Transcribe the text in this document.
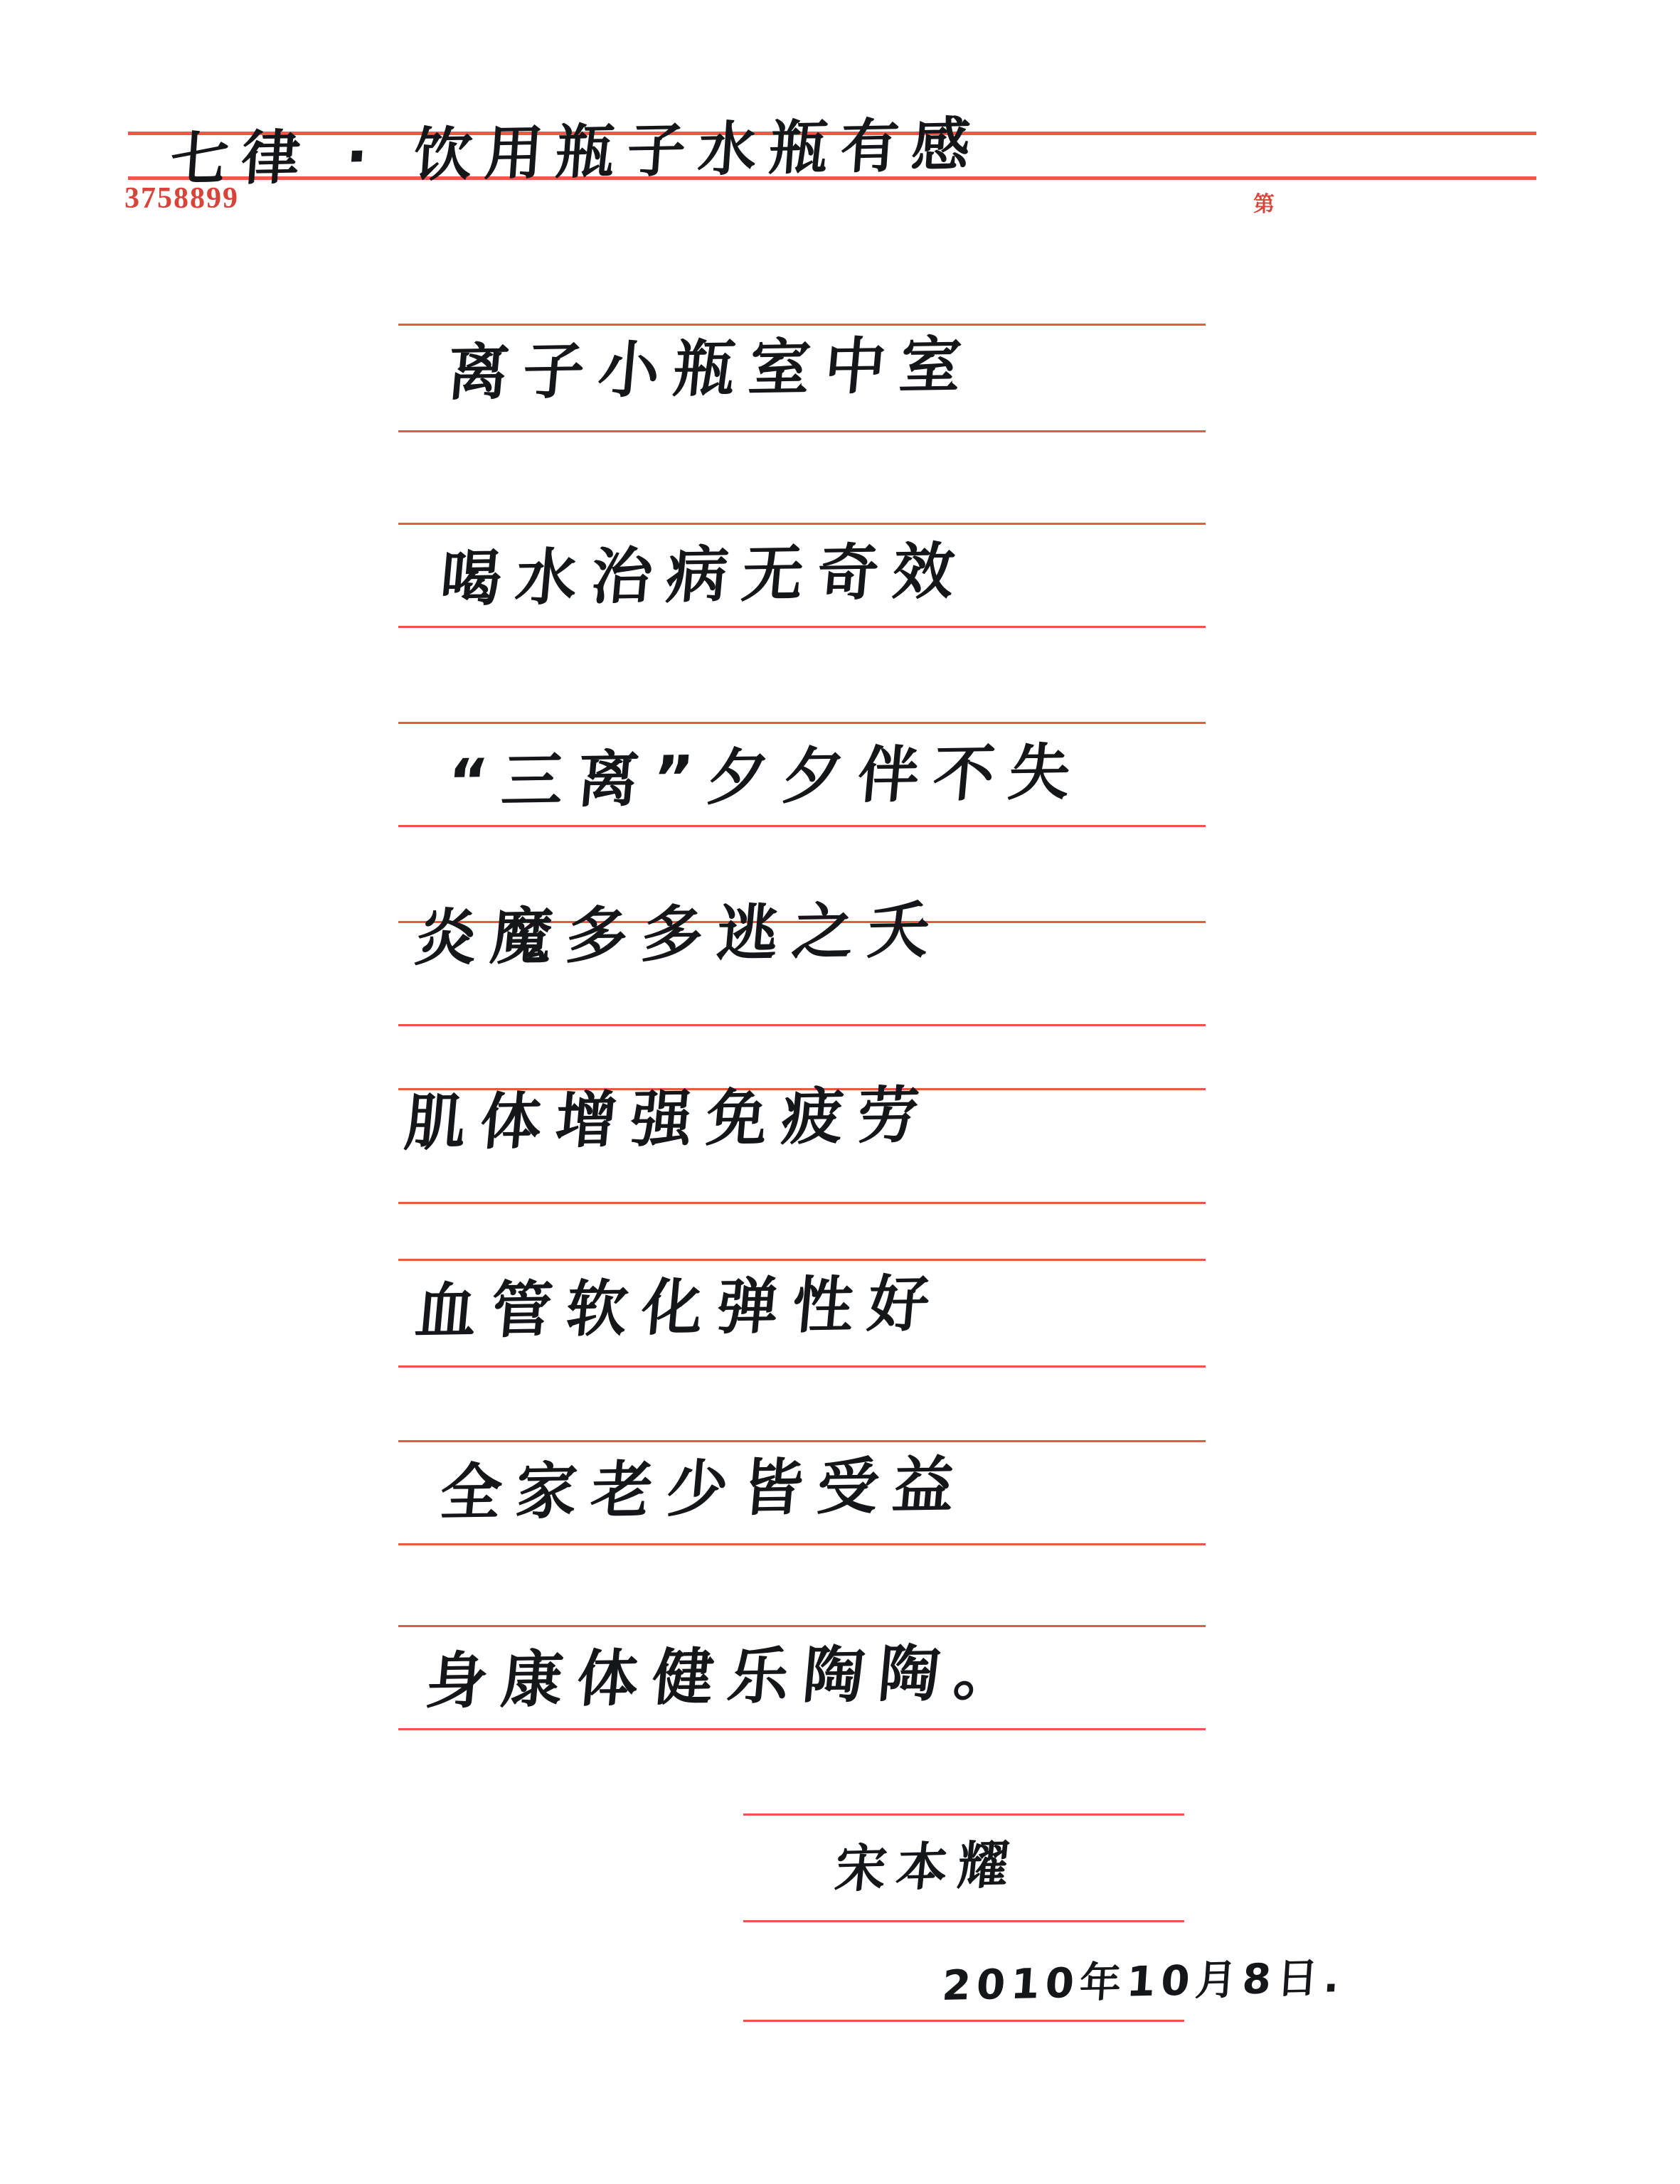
3758899	第
七律 · 饮用瓶子水瓶有感
离子小瓶室中室
喝水治病无奇效
“三离”夕夕伴不失
炎魔多多逃之夭
肌体增强免疲劳
血管软化弹性好
全家老少皆受益
身康体健乐陶陶。
宋本耀
2010年10月8日.
